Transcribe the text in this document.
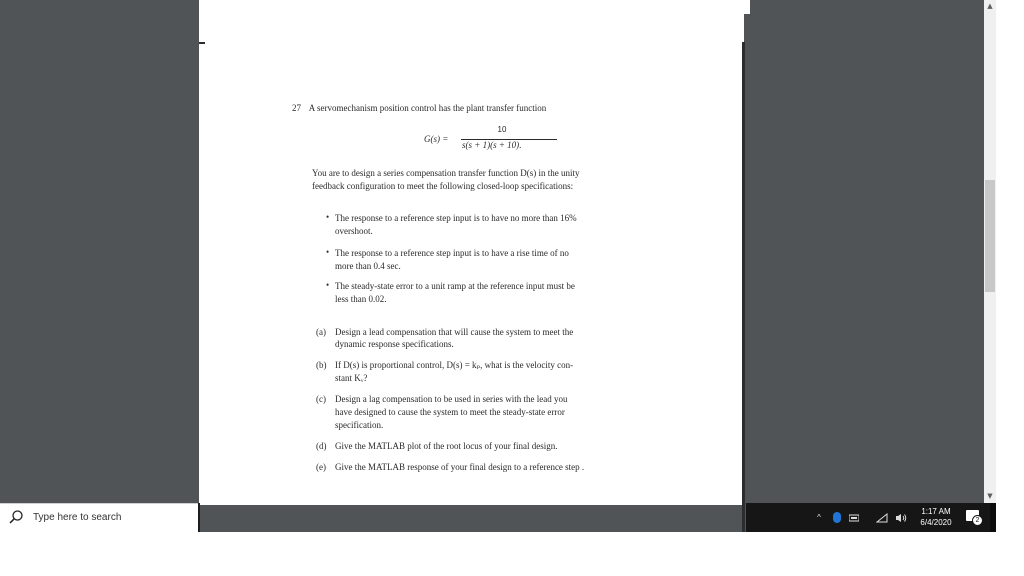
▲
▼
27 A servomechanism position control has the plant transfer function
G(s) =
10
s(s + 1)(s + 10).
You are to design a series compensation transfer function D(s) in the unity
feedback configuration to meet the following closed-loop specifications:
• The response to a reference step input is to have no more than 16%
overshoot.
• The response to a reference step input is to have a rise time of no
more than 0.4 sec.
• The steady-state error to a unit ramp at the reference input must be
less than 0.02.
(a) Design a lead compensation that will cause the system to meet the
dynamic response specifications.
(b) If D(s) is proportional control, D(s) = kₚ, what is the velocity con-
stant Kᵥ?
(c) Design a lag compensation to be used in series with the lead you
have designed to cause the system to meet the steady-state error
specification.
(d) Give the MATLAB plot of the root locus of your final design.
(e) Give the MATLAB response of your final design to a reference step .
Type here to search	^
1:17 AM
6/4/2020	2
